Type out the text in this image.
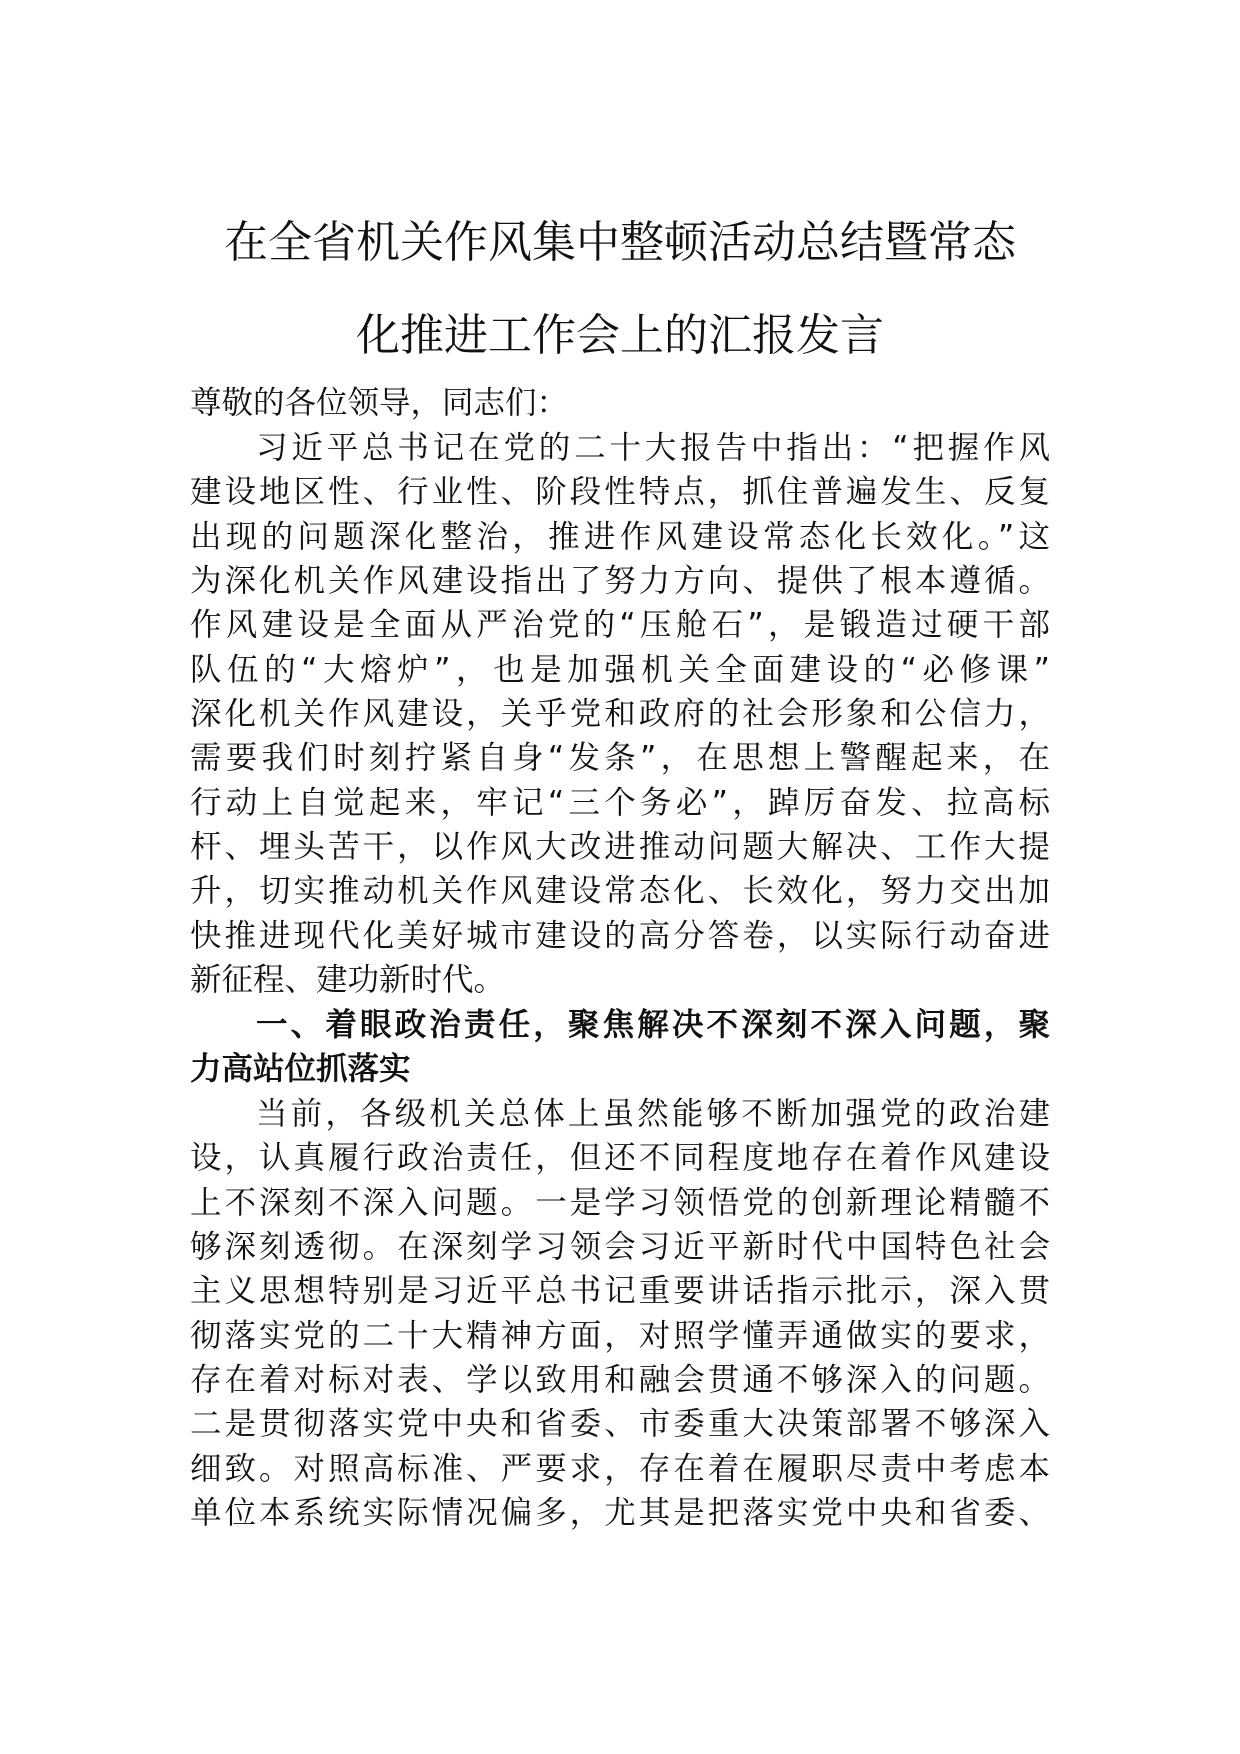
在全省机关作风集中整顿活动总结暨常态
化推进工作会上的汇报发言
尊敬的各位领导，同志们：
习近平总书记在党的二十大报告中指出：“把握作风
建设地区性、行业性、阶段性特点，抓住普遍发生、反复
出现的问题深化整治，推进作风建设常态化长效化。”这
为深化机关作风建设指出了努力方向、提供了根本遵循。
作风建设是全面从严治党的“压舱石”，是锻造过硬干部
队伍的“大熔炉”，也是加强机关全面建设的“必修课”
深化机关作风建设，关乎党和政府的社会形象和公信力，
需要我们时刻拧紧自身“发条”，在思想上警醒起来，在
行动上自觉起来，牢记“三个务必”，踔厉奋发、拉高标
杆、埋头苦干，以作风大改进推动问题大解决、工作大提
升，切实推动机关作风建设常态化、长效化，努力交出加
快推进现代化美好城市建设的高分答卷，以实际行动奋进
新征程、建功新时代。
一、着眼政治责任，聚焦解决不深刻不深入问题，聚
力高站位抓落实
当前，各级机关总体上虽然能够不断加强党的政治建
设，认真履行政治责任，但还不同程度地存在着作风建设
上不深刻不深入问题。一是学习领悟党的创新理论精髓不
够深刻透彻。在深刻学习领会习近平新时代中国特色社会
主义思想特别是习近平总书记重要讲话指示批示，深入贯
彻落实党的二十大精神方面，对照学懂弄通做实的要求，
存在着对标对表、学以致用和融会贯通不够深入的问题。
二是贯彻落实党中央和省委、市委重大决策部署不够深入
细致。对照高标准、严要求，存在着在履职尽责中考虑本
单位本系统实际情况偏多，尤其是把落实党中央和省委、
